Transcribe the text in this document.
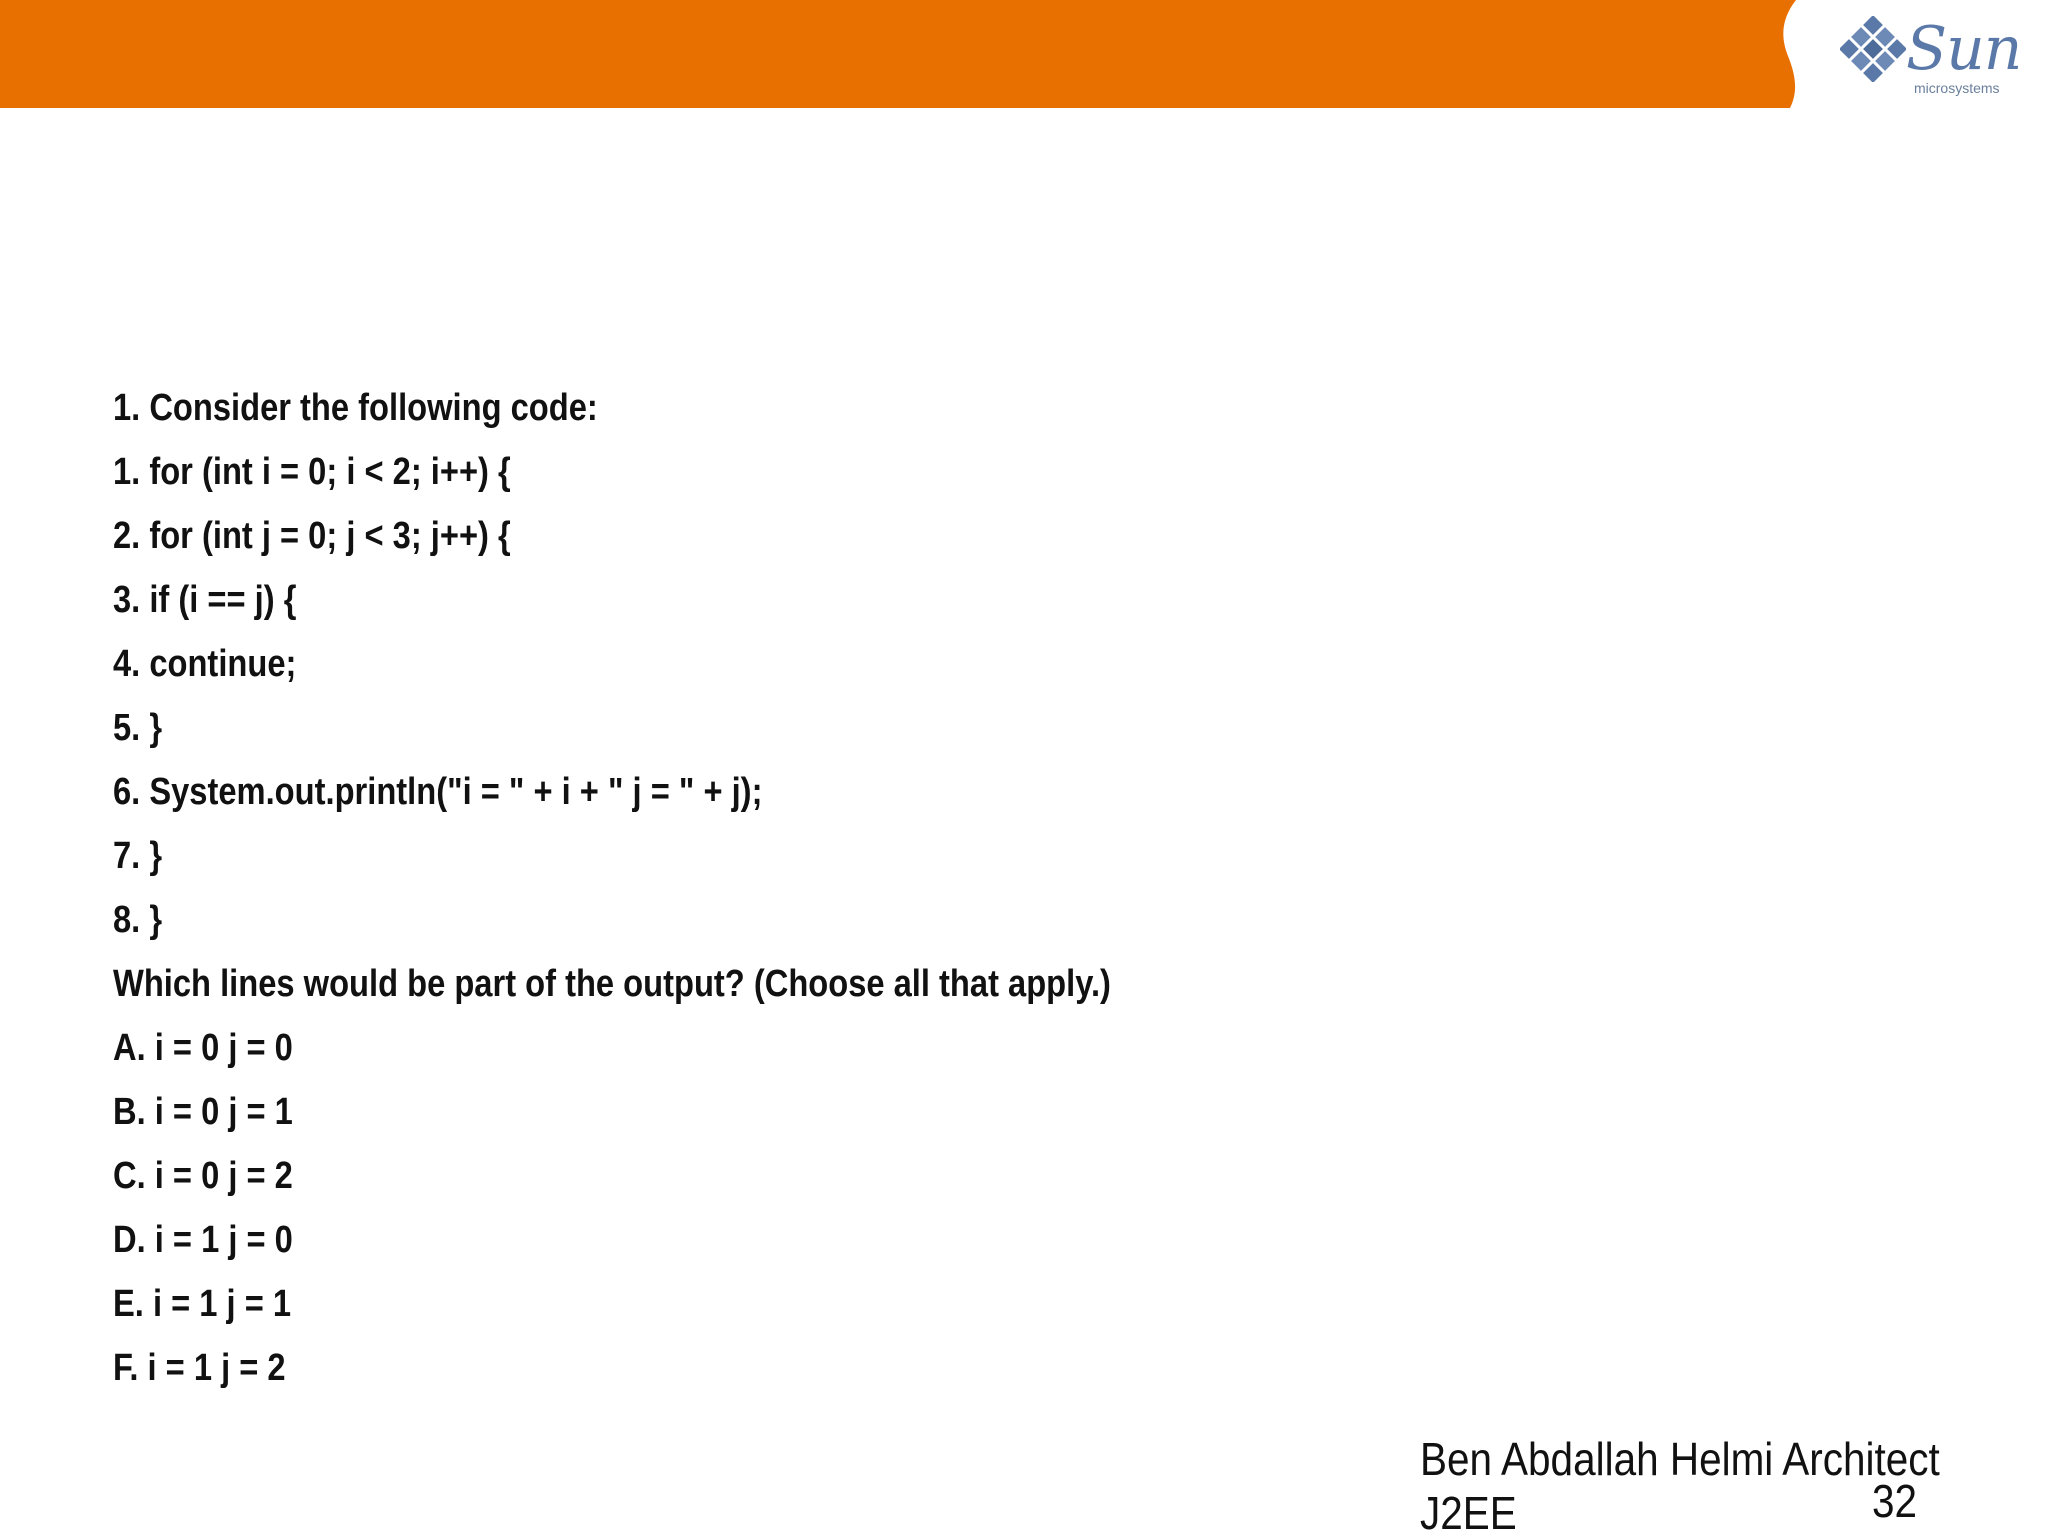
Sun
microsystems
1. Consider the following code:
1. for (int i = 0; i < 2; i++) {
2. for (int j = 0; j < 3; j++) {
3. if (i == j) {
4. continue;
5. }
6. System.out.println("i = " + i + " j = " + j);
7. }
8. }
Which lines would be part of the output? (Choose all that apply.)
A. i = 0 j = 0
B. i = 0 j = 1
C. i = 0 j = 2
D. i = 1 j = 0
E. i = 1 j = 1
F. i = 1 j = 2
Ben Abdallah Helmi Architect
J2EE	32
